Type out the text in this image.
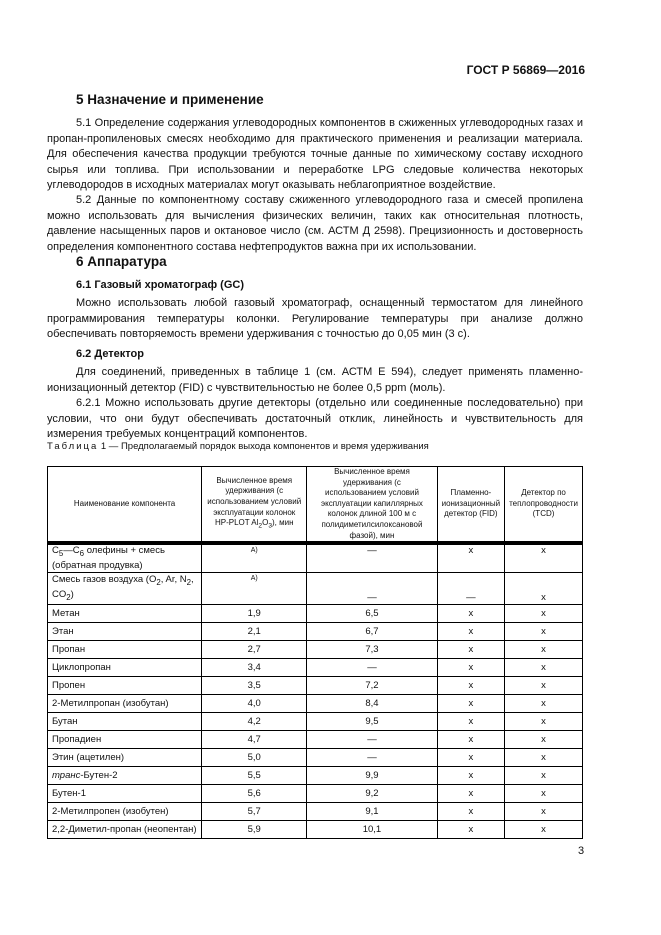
ГОСТ Р 56869—2016
5 Назначение и применение
5.1 Определение содержания углеводородных компонентов в сжиженных углеводородных газах и пропан-пропиленовых смесях необходимо для практического применения и реализации материала. Для обеспечения качества продукции требуются точные данные по химическому составу исходного сырья или топлива. При использовании и переработке LPG следовые количества некоторых углеводородов в исходных материалах могут оказывать неблагоприятное воздействие.
5.2 Данные по компонентному составу сжиженного углеводородного газа и смесей пропилена можно использовать для вычисления физических величин, таких как относительная плотность, давление насыщенных паров и октановое число (см. АСТМ Д 2598). Прецизионность и достоверность определения компонентного состава нефтепродуктов важна при их использовании.
6 Аппаратура
6.1 Газовый хроматограф (GC)
Можно использовать любой газовый хроматограф, оснащенный термостатом для линейного программирования температуры колонки. Регулирование температуры при анализе должно обеспечивать повторяемость времени удерживания с точностью до 0,05 мин (3 с).
6.2 Детектор
Для соединений, приведенных в таблице 1 (см. АСТМ Е 594), следует применять пламенно-ионизационный детектор (FID) с чувствительностью не более 0,5 ppm (моль).
6.2.1 Можно использовать другие детекторы (отдельно или соединенные последовательно) при условии, что они будут обеспечивать достаточный отклик, линейность и чувствительность для измерения требуемых концентраций компонентов.
Таблица 1 — Предполагаемый порядок выхода компонентов и время удерживания
Наименование компонента	Вычисленное время удерживания (с использованием условий эксплуатации колонок HP-PLOT $Al_2O_3$), мин	Вычисленное время удерживания (с использованием условий эксплуатации капиллярных колонок длиной 100 м с полидиметилсилоксановой фазой), мин	Пламенно-ионизационный детектор (FID)	Детектор по теплопроводности (TCD)
$C_5—C_6$ олефины + смесь (обратная продувка)	$^{A)}$	—	x	x
Смесь газов воздуха ($O_2$, Ar, $N_2$, $CO_2$)	$^{A)}$	—	—	x
Метан	1,9	6,5	x	x
Этан	2,1	6,7	x	x
Пропан	2,7	7,3	x	x
Циклопропан	3,4	—	x	x
Пропен	3,5	7,2	x	x
2-Метилпропан (изобутан)	4,0	8,4	x	x
Бутан	4,2	9,5	x	x
Пропадиен	4,7	—	x	x
Этин (ацетилен)	5,0	—	x	x
транс-Бутен-2	5,5	9,9	x	x
Бутен-1	5,6	9,2	x	x
2-Метилпропен (изобутен)	5,7	9,1	x	x
2,2-Диметил-пропан (неопентан)	5,9	10,1	x	x
3
